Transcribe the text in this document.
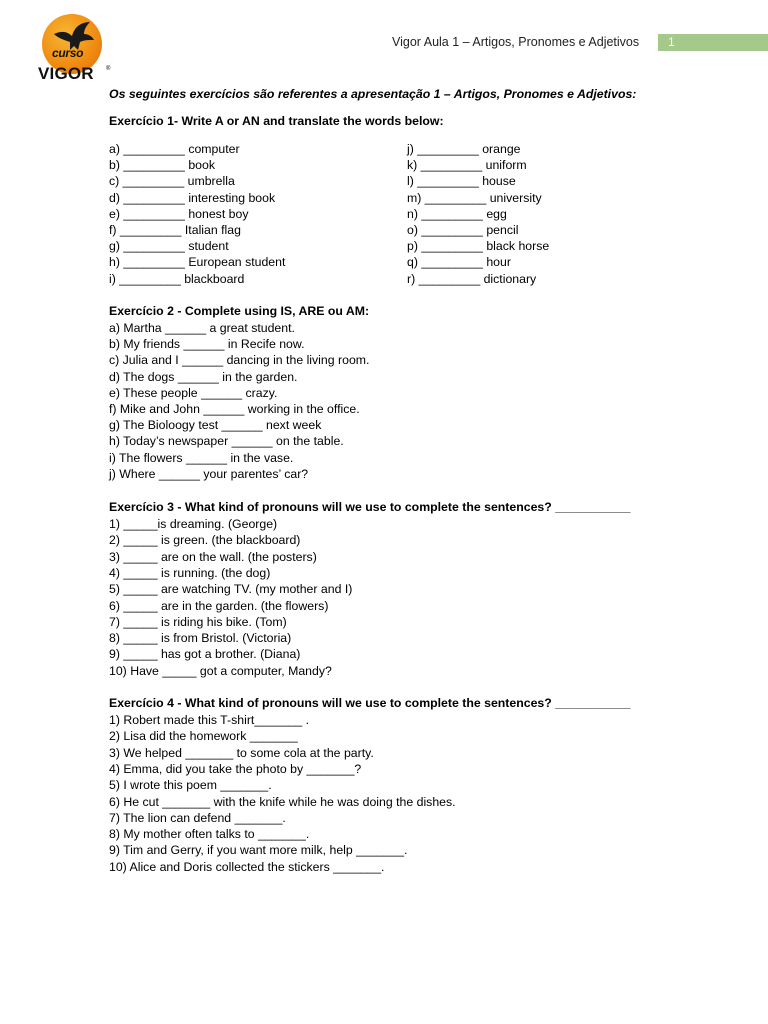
curso
VIGOR ®
Vigor Aula 1 – Artigos, Pronomes e Adjetivos	1
Os seguintes exercícios são referentes a apresentação 1 – Artigos, Pronomes e Adjetivos:
Exercício 1- Write A or AN and translate the words below:
a) _________ computer
b) _________ book
c) _________ umbrella
d) _________ interesting book
e) _________ honest boy
f) _________ Italian flag
g) _________ student
h) _________ European student
i) _________ blackboard
j) _________ orange
k) _________ uniform
l) _________ house
m) _________ university
n) _________ egg
o) _________ pencil
p) _________ black horse
q) _________ hour
r) _________ dictionary
Exercício 2 - Complete using IS, ARE ou AM:
a) Martha ______ a great student.
b) My friends ______ in Recife now.
c) Julia and I ______ dancing in the living room.
d) The dogs ______ in the garden.
e) These people ______ crazy.
f) Mike and John ______ working in the office.
g) The Bioloogy test ______ next week
h) Today’s newspaper ______ on the table.
i) The flowers ______ in the vase.
j) Where ______ your parentes’ car?
Exercício 3 - What kind of pronouns will we use to complete the sentences? ___________
1) _____is dreaming. (George)
2) _____ is green. (the blackboard)
3) _____ are on the wall. (the posters)
4) _____ is running. (the dog)
5) _____ are watching TV. (my mother and I)
6) _____ are in the garden. (the flowers)
7) _____ is riding his bike. (Tom)
8) _____ is from Bristol. (Victoria)
9) _____ has got a brother. (Diana)
10) Have _____ got a computer, Mandy?
Exercício 4 - What kind of pronouns will we use to complete the sentences? ___________
1) Robert made this T-shirt_______ .
2) Lisa did the homework _______
3) We helped _______ to some cola at the party.
4) Emma, did you take the photo by _______?
5) I wrote this poem _______.
6) He cut _______ with the knife while he was doing the dishes.
7) The lion can defend _______.
8) My mother often talks to _______.
9) Tim and Gerry, if you want more milk, help _______.
10) Alice and Doris collected the stickers _______.
